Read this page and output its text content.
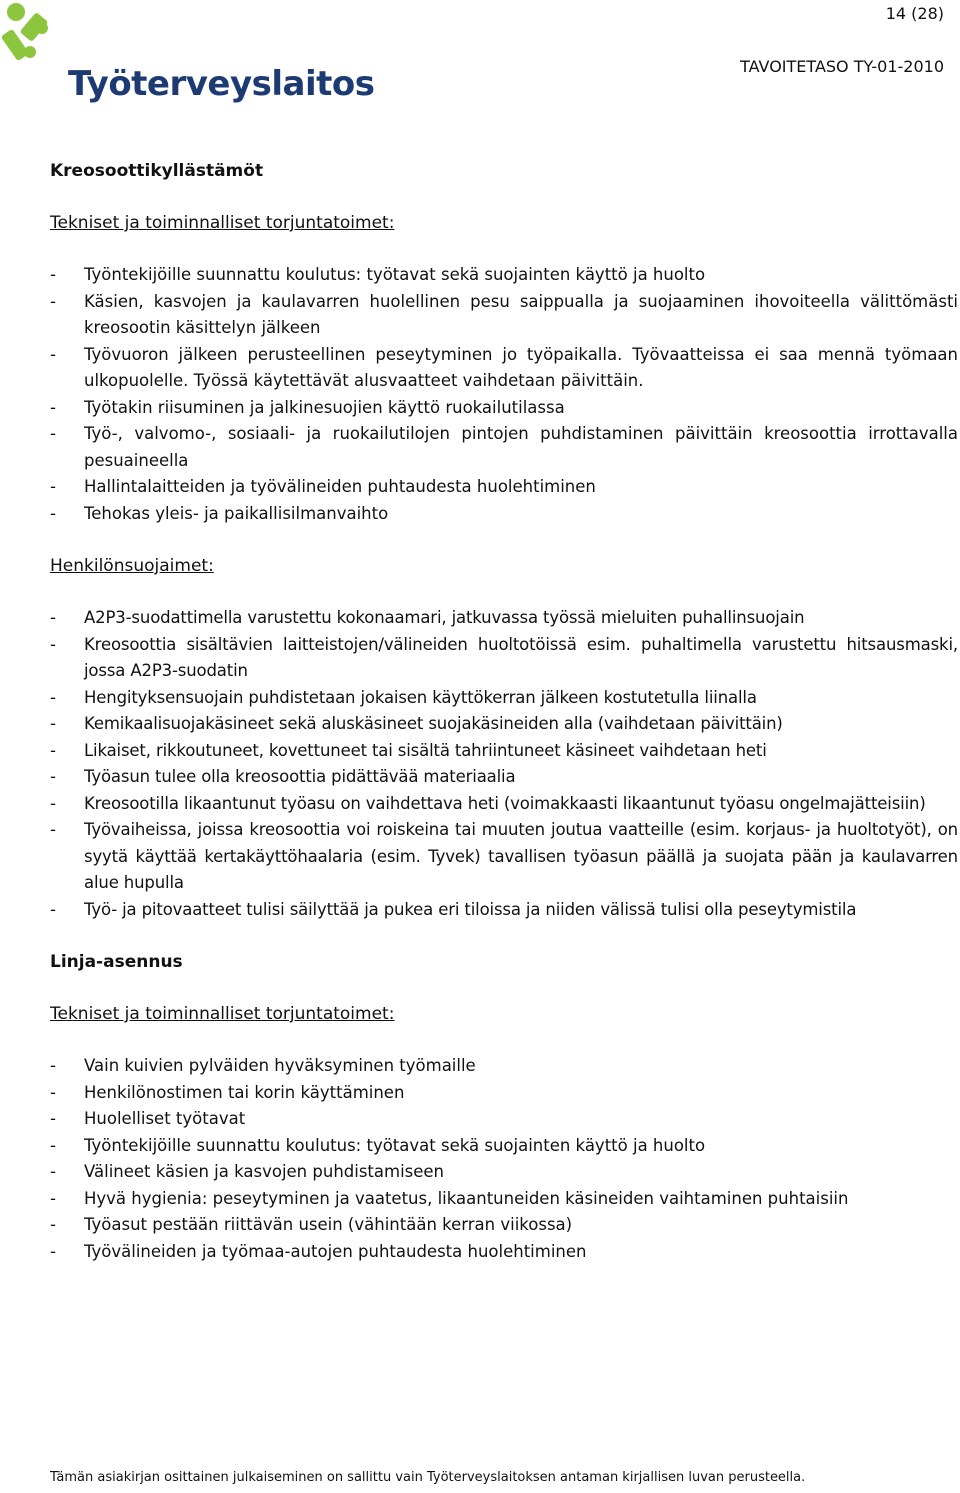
Työterveyslaitos
14 (28)
TAVOITETASO TY-01-2010

Kreosoottikyllästämöt

Tekniset ja toiminnalliset torjuntatoimet:

- Työntekijöille suunnattu koulutus: työtavat sekä suojainten käyttö ja huolto
- Käsien, kasvojen ja kaulavarren huolellinen pesu saippualla ja suojaaminen ihovoiteella välittömästi kreosootin käsittelyn jälkeen
- Työvuoron jälkeen perusteellinen peseytyminen jo työpaikalla. Työvaatteissa ei saa mennä työmaan ulkopuolelle. Työssä käytettävät alusvaatteet vaihdetaan päivittäin.
- Työtakin riisuminen ja jalkinesuojien käyttö ruokailutilassa
- Työ-, valvomo-, sosiaali- ja ruokailutilojen pintojen puhdistaminen päivittäin kreosoottia irrottavalla pesuaineella
- Hallintalaitteiden ja työvälineiden puhtaudesta huolehtiminen
- Tehokas yleis- ja paikallisilmanvaihto

Henkilönsuojaimet:

- A2P3-suodattimella varustettu kokonaamari, jatkuvassa työssä mieluiten puhallinsuojain
- Kreosoottia sisältävien laitteistojen/välineiden huoltotöissä esim. puhaltimella varustettu hitsausmaski, jossa A2P3-suodatin
- Hengityksensuojain puhdistetaan jokaisen käyttökerran jälkeen kostutetulla liinalla
- Kemikaalisuojakäsineet sekä aluskäsineet suojakäsineiden alla (vaihdetaan päivittäin)
- Likaiset, rikkoutuneet, kovettuneet tai sisältä tahriintuneet käsineet vaihdetaan heti
- Työasun tulee olla kreosoottia pidättävää materiaalia
- Kreosootilla likaantunut työasu on vaihdettava heti (voimakkaasti likaantunut työasu ongelmajätteisiin)
- Työvaiheissa, joissa kreosoottia voi roiskeina tai muuten joutua vaatteille (esim. korjaus- ja huoltotyöt), on syytä käyttää kertakäyttöhaalaria (esim. Tyvek) tavallisen työasun päällä ja suojata pään ja kaulavarren alue hupulla
- Työ- ja pitovaatteet tulisi säilyttää ja pukea eri tiloissa ja niiden välissä tulisi olla peseytymistila

Linja-asennus

Tekniset ja toiminnalliset torjuntatoimet:

- Vain kuivien pylväiden hyväksyminen työmaille
- Henkilönostimen tai korin käyttäminen
- Huolelliset työtavat
- Työntekijöille suunnattu koulutus: työtavat sekä suojainten käyttö ja huolto
- Välineet käsien ja kasvojen puhdistamiseen
- Hyvä hygienia: peseytyminen ja vaatetus, likaantuneiden käsineiden vaihtaminen puhtaisiin
- Työasut pestään riittävän usein (vähintään kerran viikossa)
- Työvälineiden ja työmaa-autojen puhtaudesta huolehtiminen
Tämän asiakirjan osittainen julkaiseminen on sallittu vain Työterveyslaitoksen antaman kirjallisen luvan perusteella.
